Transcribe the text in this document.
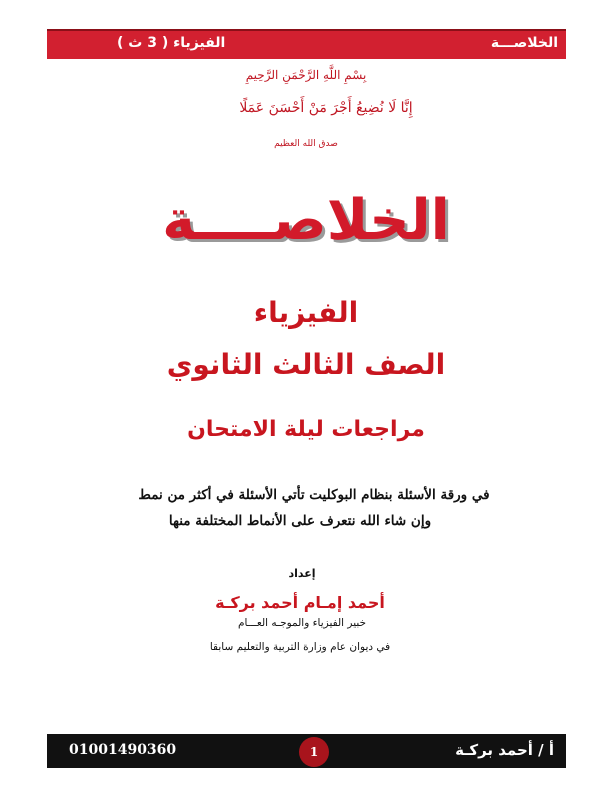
الفيزياء ( 3 ث )	الخلاصـــة
بِسْمِ اللَّهِ الرَّحْمَنِ الرَّحِيمِ
إِنَّا لَا نُضِيعُ أَجْرَ مَنْ أَحْسَنَ عَمَلًا
صدق الله العظيم
الخلاصــــة
الفيزياء
الصف الثالث الثانوي
مراجعات ليلة الامتحان
في ورقة الأسئلة بنظام البوكليت تأتي الأسئلة في أكثر من نمط
وإن شاء الله نتعرف على الأنماط المختلفة منها
إعداد
أحمد إمـام أحمد بركـة
خبير الفيزياء والموجـه العـــام
في ديوان عام وزارة التربية والتعليم سابقا
01001490360	أ / أحمد بركـة
1
